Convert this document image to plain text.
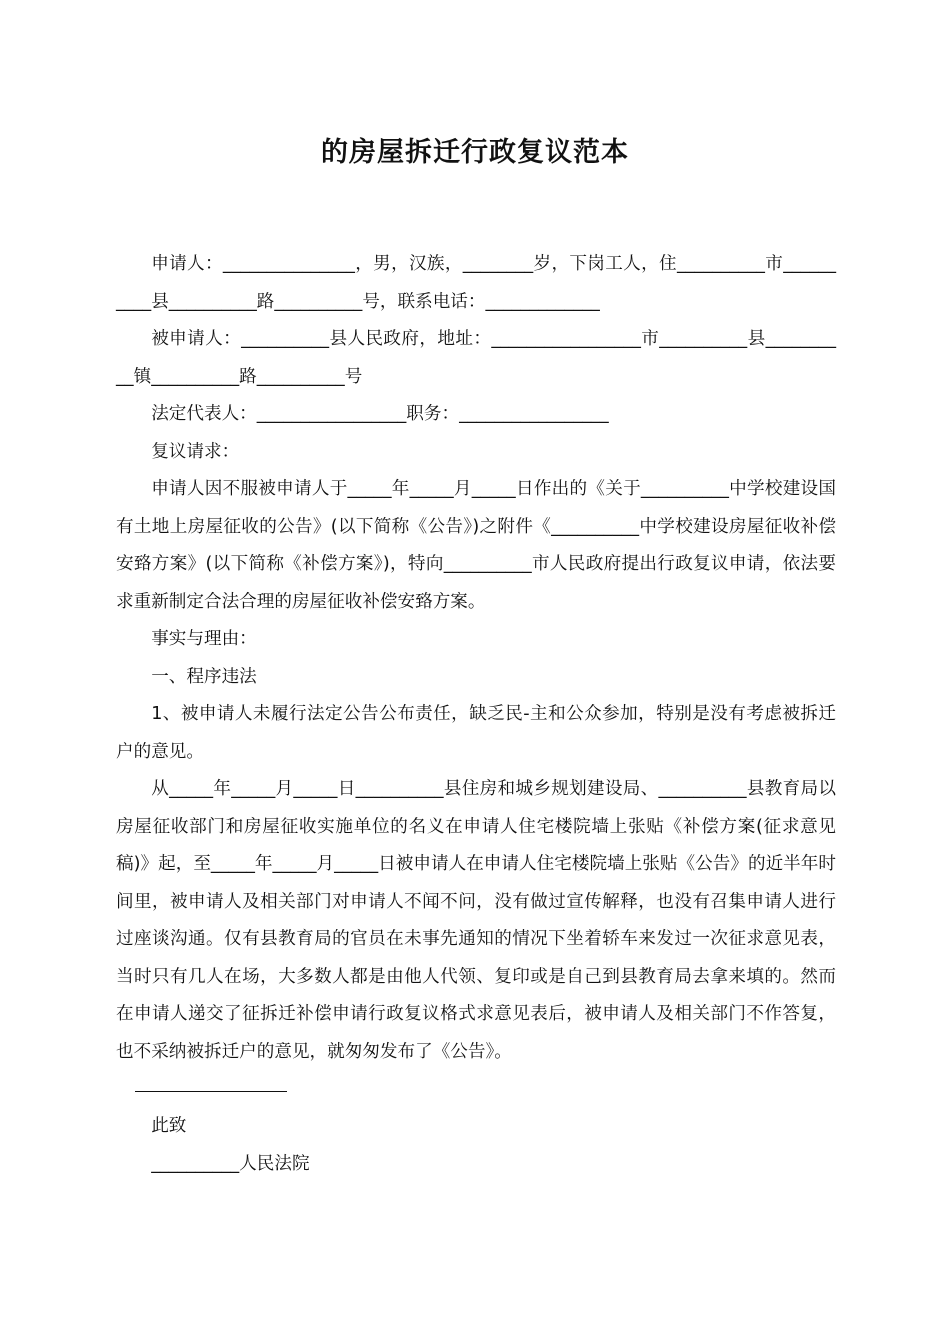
的房屋拆迁行政复议范本

申请人：_______________，男，汉族，________岁，下岗工人，住__________市__________县__________路__________号，联系电话：_____________

被申请人：__________县人民政府，地址：_________________市__________县__________镇__________路__________号

法定代表人：_________________职务：_________________

复议请求：

申请人因不服被申请人于_____年_____月_____日作出的《关于__________中学校建设国有土地上房屋征收的公告》(以下简称《公告》)之附件《__________中学校建设房屋征收补偿安臵方案》(以下简称《补偿方案》)，特向__________市人民政府提出行政复议申请，依法要求重新制定合法合理的房屋征收补偿安臵方案。

事实与理由：

一、程序违法

1、被申请人未履行法定公告公布责任，缺乏民-主和公众参加，特别是没有考虑被拆迁户的意见。

从_____年_____月_____日__________县住房和城乡规划建设局、__________县教育局以房屋征收部门和房屋征收实施单位的名义在申请人住宅楼院墙上张贴《补偿方案(征求意见稿)》起，至_____年_____月_____日被申请人在申请人住宅楼院墙上张贴《公告》的近半年时间里，被申请人及相关部门对申请人不闻不问，没有做过宣传解释，也没有召集申请人进行过座谈沟通。仅有县教育局的官员在未事先通知的情况下坐着轿车来发过一次征求意见表，当时只有几人在场，大多数人都是由他人代领、复印或是自己到县教育局去拿来填的。然而在申请人递交了征拆迁补偿申请行政复议格式求意见表后，被申请人及相关部门不作答复，也不采纳被拆迁户的意见，就匆匆发布了《公告》。

此致

__________人民法院
